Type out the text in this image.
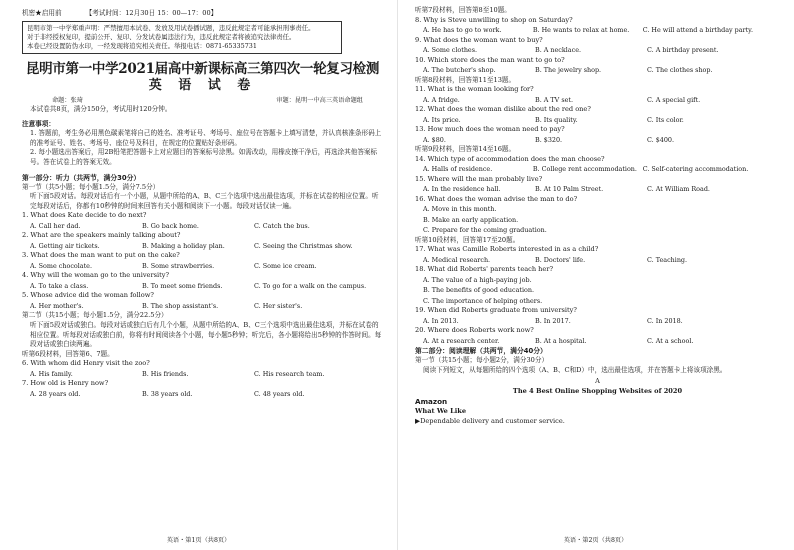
机密★启用前	【考试时间：12月30日 15：00—17：00】
昆明市第一中学郑重声明：严禁擅用本试卷、发放及用试卷播试题，违反此规定者可能承担刑事责任。
对于非经授权复印，提前公开、复印、分发试卷属违法行为，违反此规定者将被追究法律责任。
本卷已经设置防伪水印，一经发现将追究相关责任。举报电话：0871-65335731
昆明市第一中学2021届高中新课标高三第四次一轮复习检测
英 语 试 卷
命题：张琦	审题：昆明一中高三英语命题组
本试卷共8页，满分150分，考试用时120分钟。
注意事项：
1. 答题前，考生务必用黑色碳素笔将自己的姓名、准考证号、考场号、座位号在答题卡上填写清楚，并认真核准条形码上的准考证号、姓名、考场号、座位号及科目，在规定的位置贴好条形码。
2. 每小题选出答案后，用2B铅笔把答题卡上对应题目的答案标号涂黑。如需改动，用橡皮擦干净后，再选涂其他答案标号。答在试卷上的答案无效。
第一部分：听力（共两节，满分30分）
第一节（共5小题；每小题1.5分，满分7.5分）
听下面5段对话。每段对话后有一个小题，从题中所给的A、B、C三个选项中选出最佳选项，并标在试卷的相应位置。听完每段对话后，你都有10秒钟的时间来回答有关小题和阅读下一小题。每段对话仅读一遍。
1. What does Kate decide to do next?
A. Call her dad.	B. Go back home.	C. Catch the bus.
2. What are the speakers mainly talking about?
A. Getting air tickets.	B. Making a holiday plan.	C. Seeing the Christmas show.
3. What does the man want to put on the cake?
A. Some chocolate.	B. Some strawberries.	C. Some ice cream.
4. Why will the woman go to the university?
A. To take a class.	B. To meet some friends.	C. To go for a walk on the campus.
5. Whose advice did the woman follow?
A. Her mother's.	B. The shop assistant's.	C. Her sister's.
第二节（共15小题；每小题1.5分，满分22.5分）
听下面5段对话或独白。每段对话或独白后有几个小题，从题中所给的A、B、C三个选项中选出最佳选项，并标在试卷的相应位置。听每段对话或独白前，你将有时间阅读各个小题，每小题5秒钟；听完后，各小题将给出5秒钟的作答时间。每段对话或独白读两遍。
听第6段材料，回答第6、7题。
6. With whom did Henry visit the zoo?
A. His family.	B. His friends.	C. His research team.
7. How old is Henry now?
A. 28 years old.	B. 38 years old.	C. 48 years old.
英语・第1页（共8页）
听第7段材料，回答第8至10题。
8. Why is Steve unwilling to shop on Saturday?
A. He has to go to work.	B. He wants to relax at home.	C. He will attend a birthday party.
9. What does the woman want to buy?
A. Some clothes.	B. A necklace.	C. A birthday present.
10. Which store does the man want to go to?
A. The butcher's shop.	B. The jewelry shop.	C. The clothes shop.
听第8段材料，回答第11至13题。
11. What is the woman looking for?
A. A fridge.	B. A TV set.	C. A special gift.
12. What does the woman dislike about the red one?
A. Its price.	B. Its quality.	C. Its color.
13. How much does the woman need to pay?
A. $80.	B. $320.	C. $400.
听第9段材料，回答第14至16题。
14. Which type of accommodation does the man choose?
A. Halls of residence.	B. College rent accommodation. C. Self-catering accommodation.
15. Where will the man probably live?
A. In the residence hall.	B. At 10 Palm Street.	C. At William Road.
16. What does the woman advise the man to do?
A. Move in this month.
B. Make an early application.
C. Prepare for the coming graduation.
听第10段材料，回答第17至20题。
17. What was Camille Roberts interested in as a child?
A. Medical research.	B. Doctors' life.	C. Teaching.
18. What did Roberts' parents teach her?
A. The value of a high-paying job.
B. The benefits of good education.
C. The importance of helping others.
19. When did Roberts graduate from university?
A. In 2013.	B. In 2017.	C. In 2018.
20. Where does Roberts work now?
A. At a research center.	B. At a hospital.	C. At a school.
第二部分：阅读理解（共两节，满分40分）
第一节（共15小题；每小题2分，满分30分）
阅读下列短文，从每题所给的四个选项（A、B、C和D）中，选出最佳选项，并在答题卡上将该项涂黑。
A
The 4 Best Online Shopping Websites of 2020
Amazon
What We Like
▶Dependable delivery and customer service.
英语・第2页（共8页）
